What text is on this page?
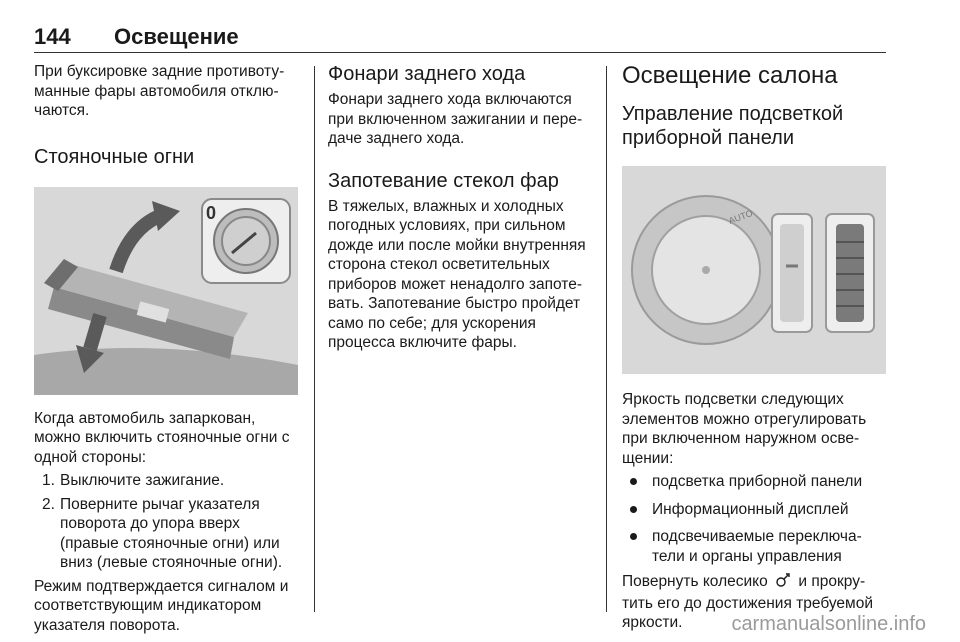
144 Освещение

При буксировке задние противоту-манные фары автомобиля отклю-чаются.

Стояночные огни
0

Когда автомобиль запаркован, можно включить стояночные огни с одной стороны:

1. Выключите зажигание.
2. Поверните рычаг указателя поворота до упора вверх (правые стояночные огни) или вниз (левые стояночные огни).

Режим подтверждается сигналом и соответствующим индикатором указателя поворота.

Фонари заднего хода

Фонари заднего хода включаются при включенном зажигании и пере-даче заднего хода.

Запотевание стекол фар

В тяжелых, влажных и холодных погодных условиях, при сильном дожде или после мойки внутренняя сторона стекол осветительных приборов может ненадолго запоте-вать. Запотевание быстро пройдет само по себе; для ускорения процесса включите фары.

Освещение салона
Управление подсветкой приборной панели
AUTO

Яркость подсветки следующих элементов можно отрегулировать при включенном наружном осве-щении:

подсветка приборной панели
Информационный дисплей
подсвечиваемые переключа-тели и органы управления

Повернуть колесико и прокру-тить его до достижения требуемой яркости.	carmanualsonline.info
